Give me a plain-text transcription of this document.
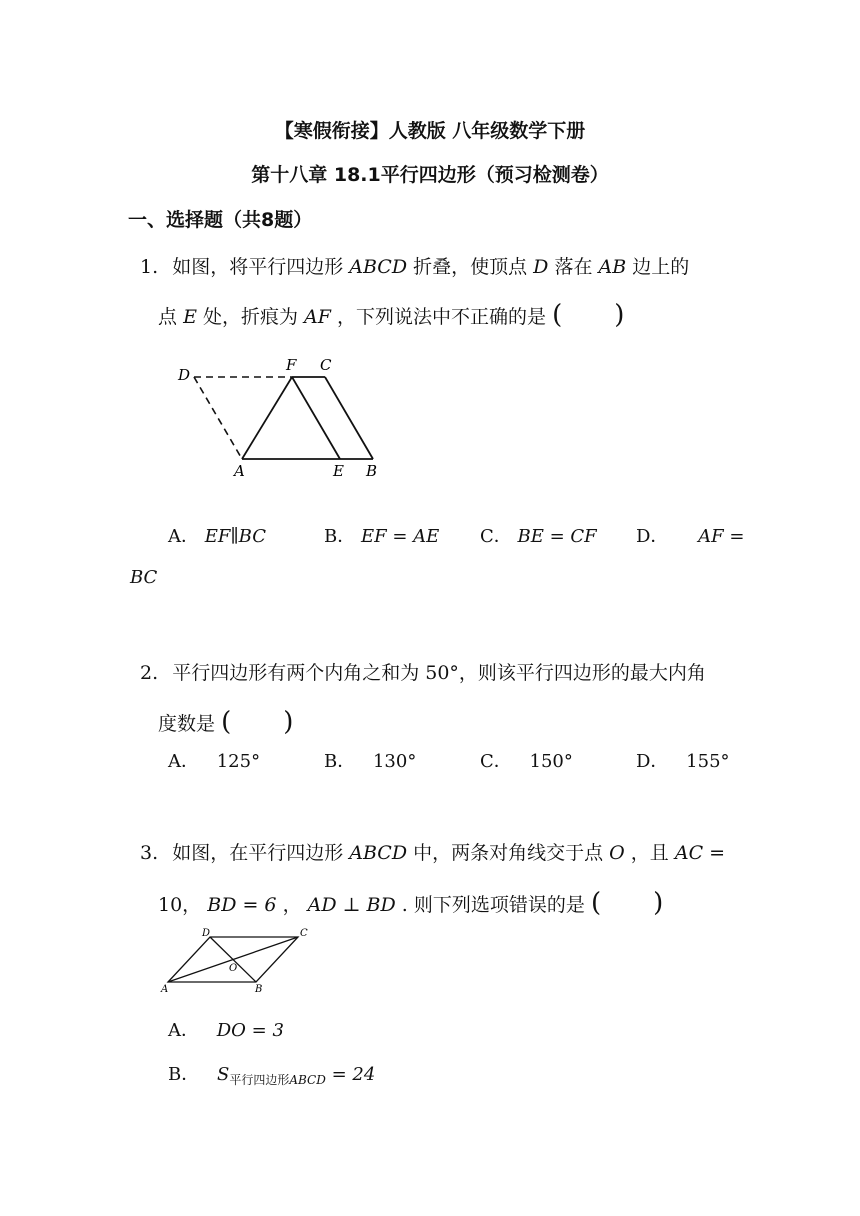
【寒假衔接】人教版 八年级数学下册
第十八章 18.1平行四边形（预习检测卷）
一、选择题（共8题）
1. 如图，将平行四边形 ABCD 折叠，使顶点 D 落在 AB 边上的
点 E 处，折痕为 AF ，下列说法中不正确的是 (　　)
D
F C
A	E B
A． EF∥BC	B． EF = AE C． BE = CF D． AF =
BC
2. 平行四边形有两个内角之和为 50°，则该平行四边形的最大内角
度数是 (　　)
A． 125°	B． 130°	C． 150°	D． 155°
3. 如图，在平行四边形 ABCD 中，两条对角线交于点 O ，且 AC =
10， BD = 6 ， AD ⊥ BD . 则下列选项错误的是 (　　)
D	C
O
A	B
A． DO = 3
B． $S_{平行四边形ABCD} = 24$
